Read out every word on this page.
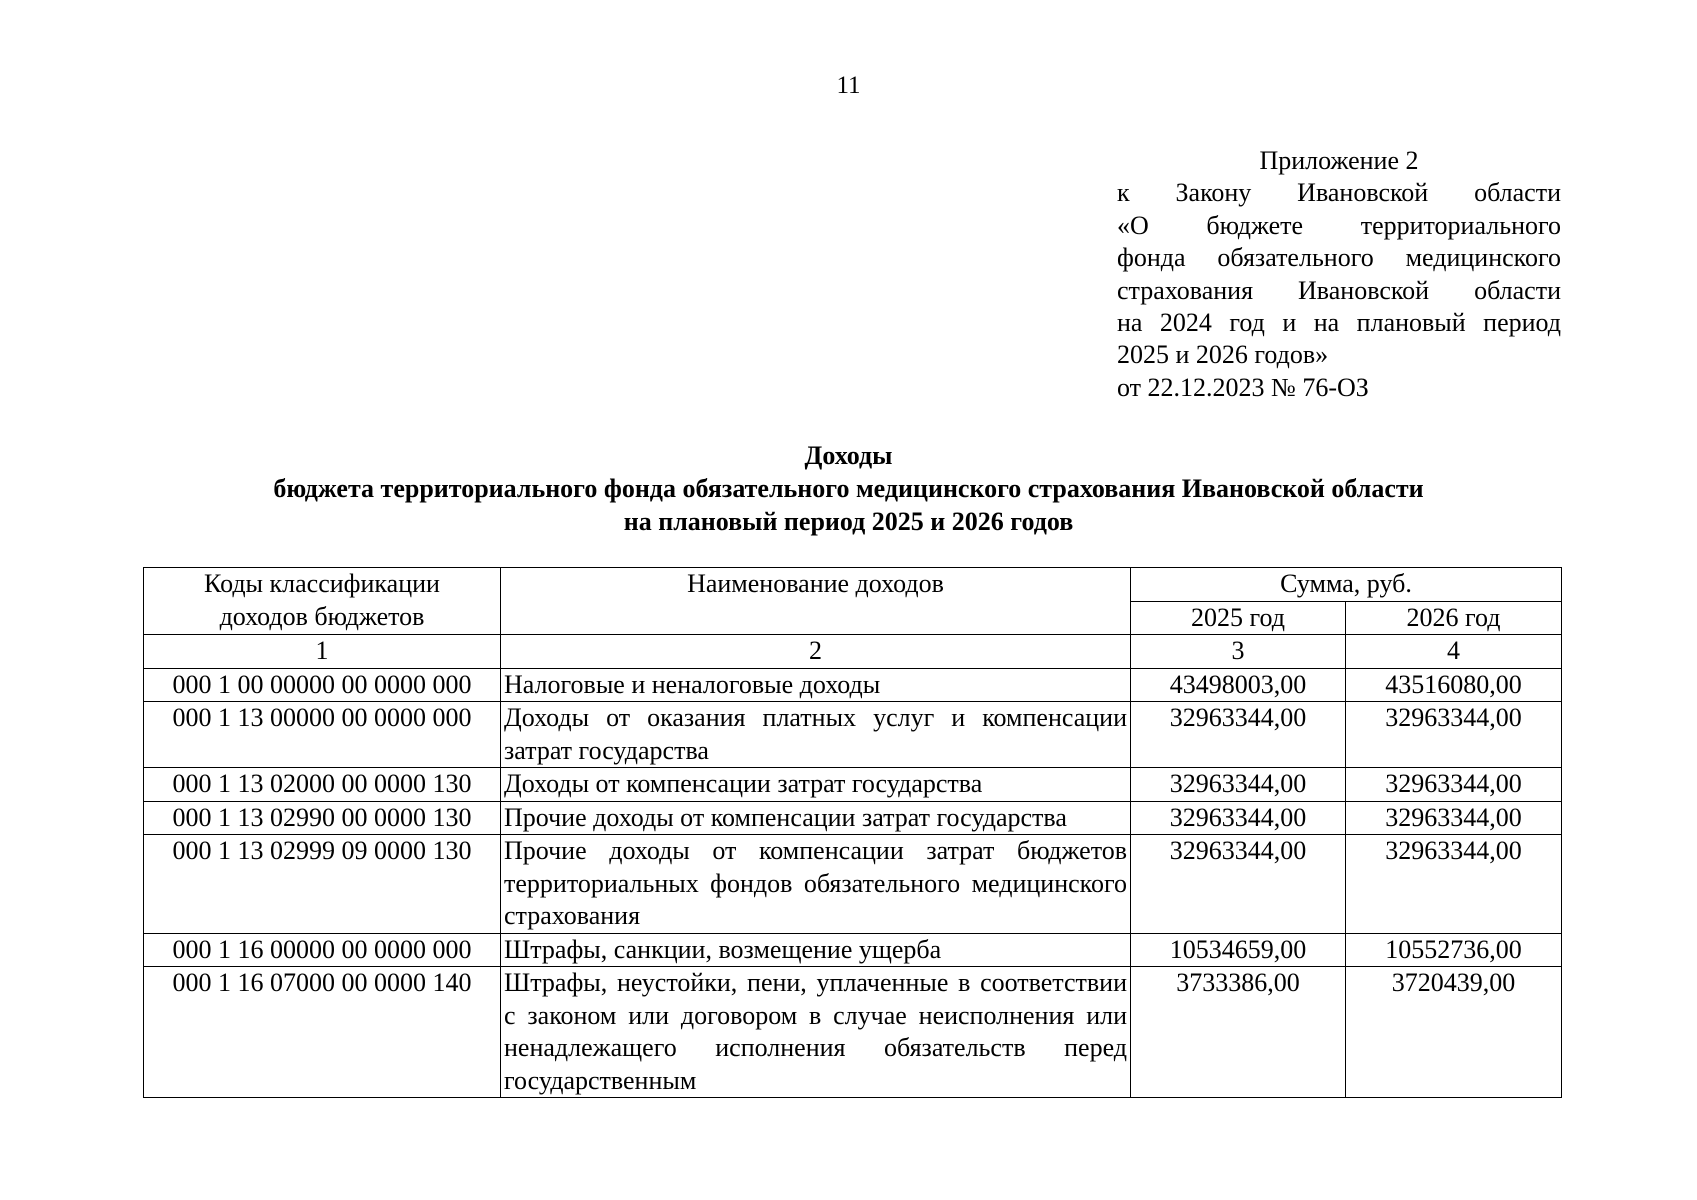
11
Приложение 2
к Закону Ивановской области
«О бюджете территориального
фонда обязательного медицинского
страхования Ивановской области
на 2024 год и на плановый период
2025 и 2026 годов»
от 22.12.2023 № 76-ОЗ
Доходы
бюджета территориального фонда обязательного медицинского страхования Ивановской области
на плановый период 2025 и 2026 годов
Коды классификации доходов бюджетов	Наименование доходов	Сумма, руб.	
		2025 год	2026 год
1	2	3	4
000 1 00 00000 00 0000 000	Налоговые и неналоговые доходы	43498003,00	43516080,00
000 1 13 00000 00 0000 000	Доходы от оказания платных услуг и компенсации затрат государства	32963344,00	32963344,00
000 1 13 02000 00 0000 130	Доходы от компенсации затрат государства	32963344,00	32963344,00
000 1 13 02990 00 0000 130	Прочие доходы от компенсации затрат государства	32963344,00	32963344,00
000 1 13 02999 09 0000 130	Прочие доходы от компенсации затрат бюджетов территориальных фондов обязательного медицинского страхования	32963344,00	32963344,00
000 1 16 00000 00 0000 000	Штрафы, санкции, возмещение ущерба	10534659,00	10552736,00
000 1 16 07000 00 0000 140	Штрафы, неустойки, пени, уплаченные в соответствии с законом или договором в случае неисполнения или ненадлежащего исполнения обязательств перед государственным	3733386,00	3720439,00
